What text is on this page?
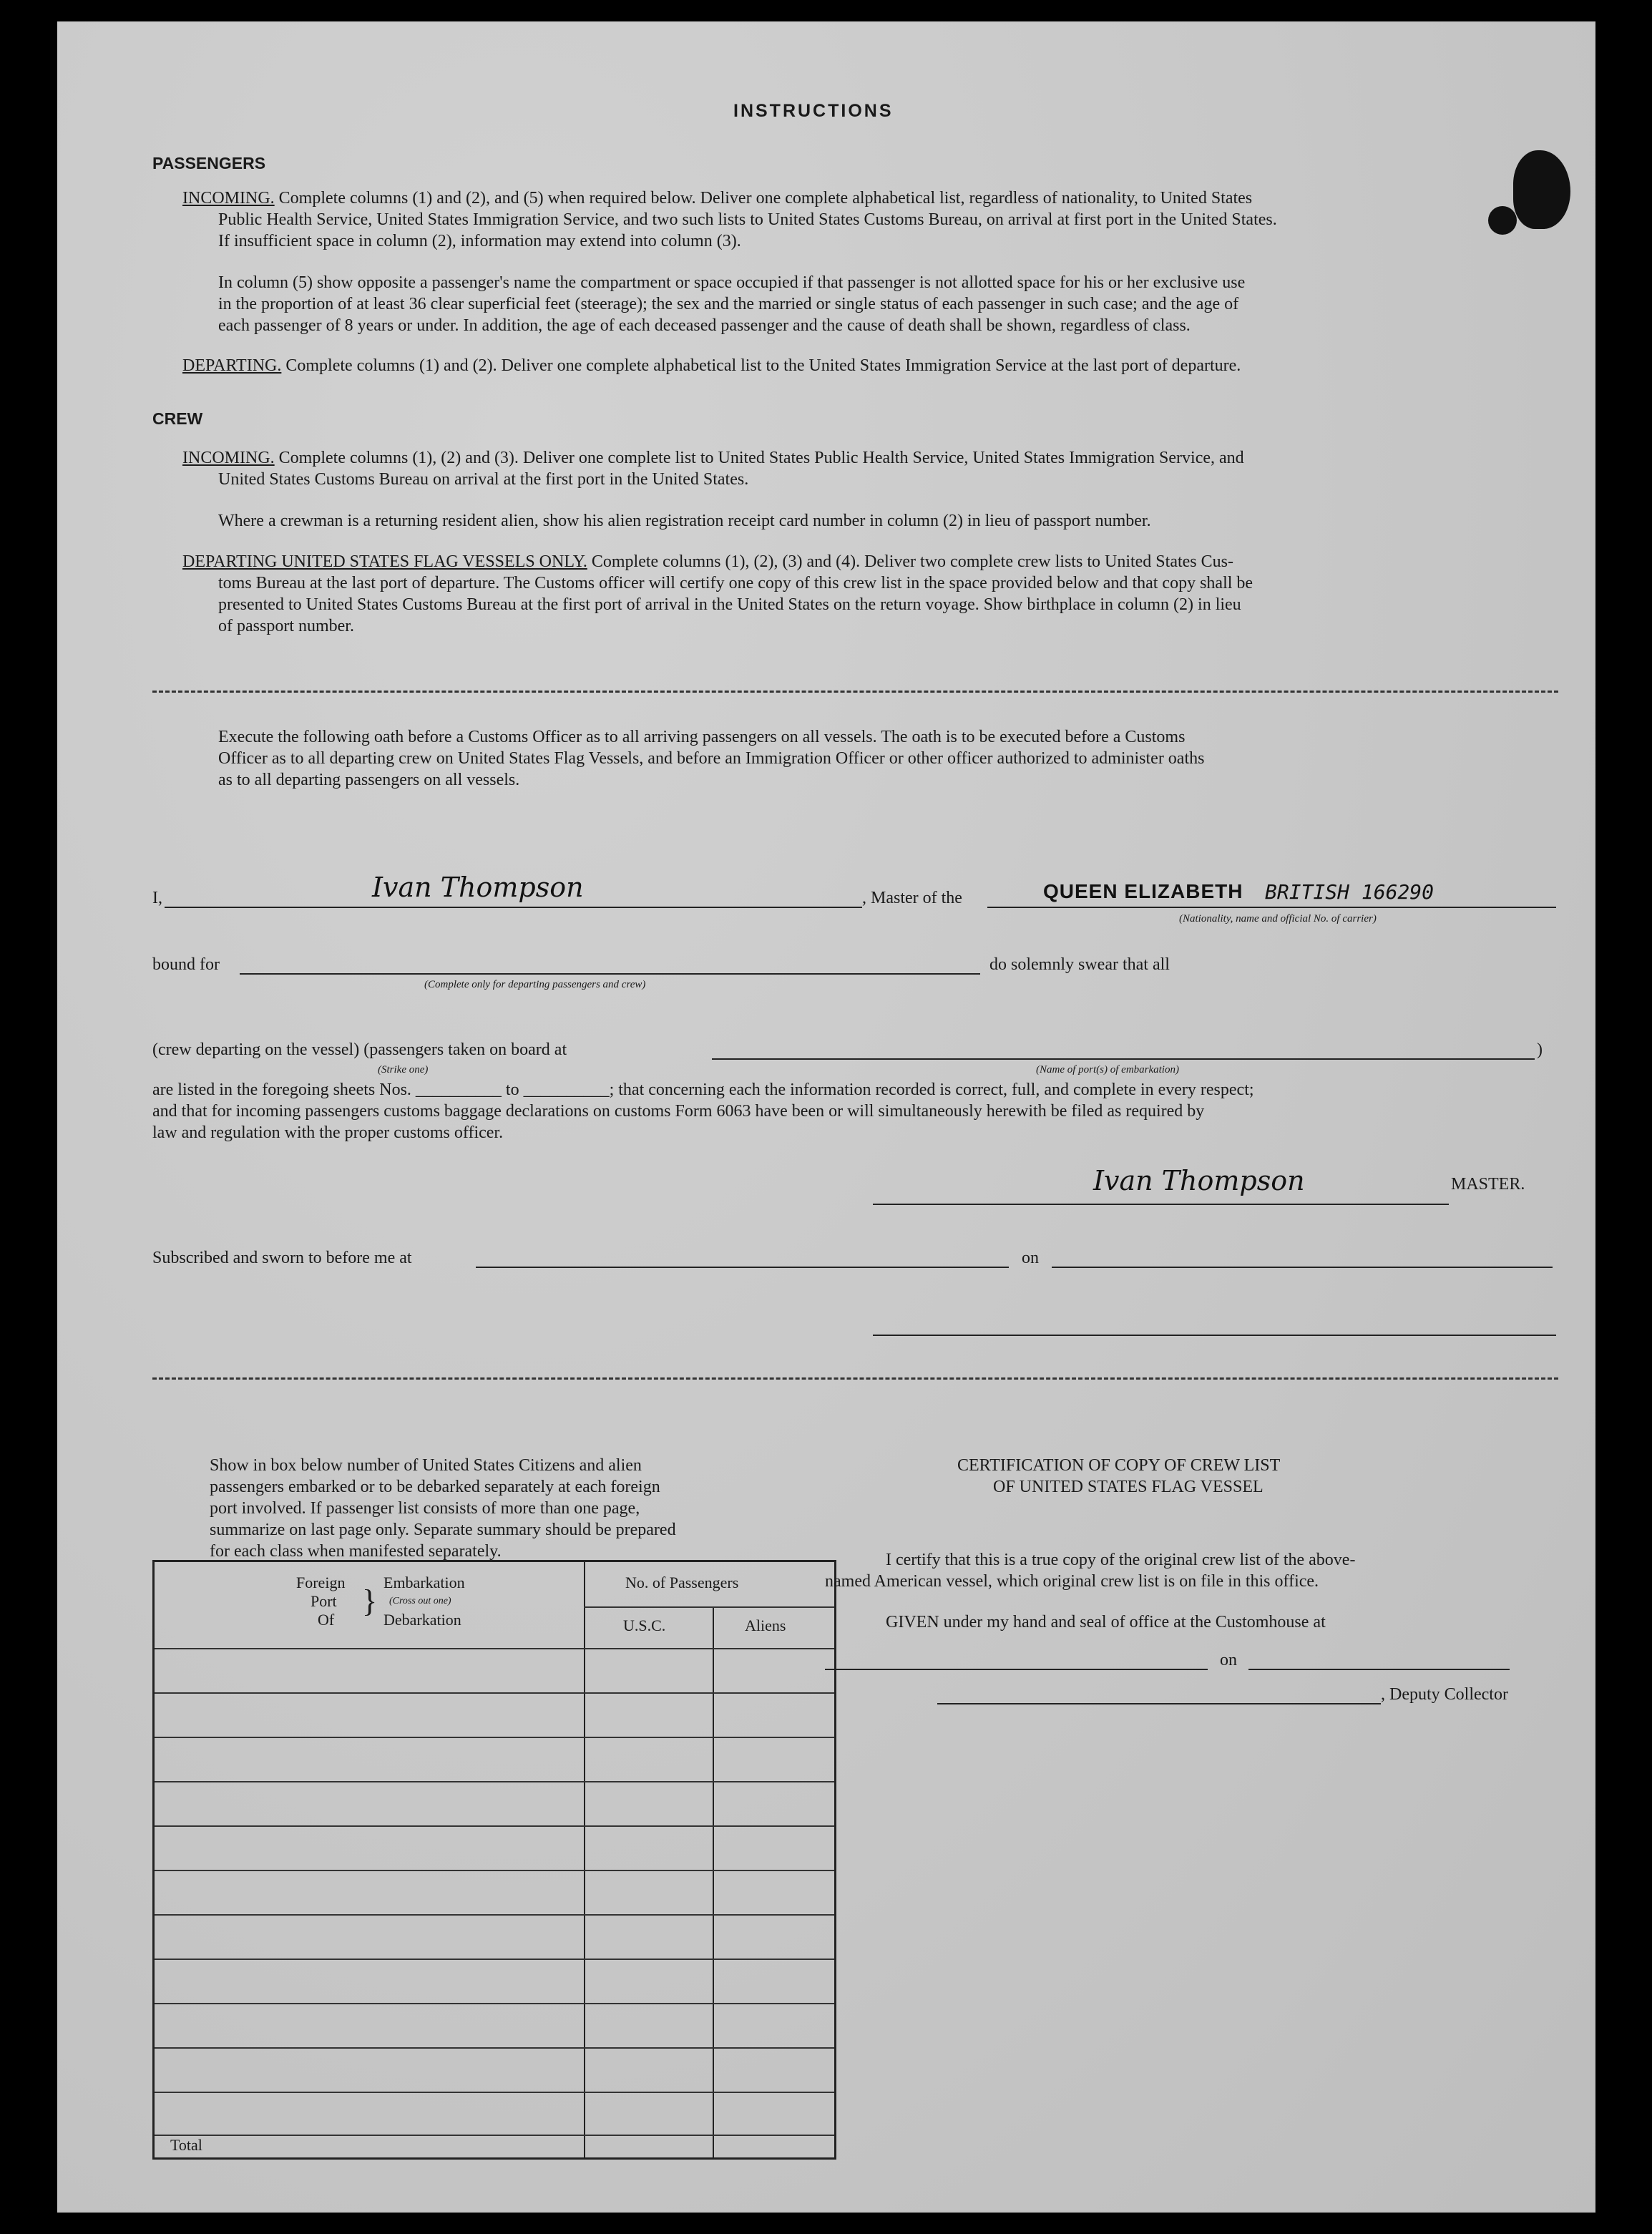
INSTRUCTIONS
PASSENGERS
INCOMING. Complete columns (1) and (2), and (5) when required below. Deliver one complete alphabetical list, regardless of nationality, to United States
Public Health Service, United States Immigration Service, and two such lists to United States Customs Bureau, on arrival at first port in the United States.
If insufficient space in column (2), information may extend into column (3).
In column (5) show opposite a passenger's name the compartment or space occupied if that passenger is not allotted space for his or her exclusive use
in the proportion of at least 36 clear superficial feet (steerage); the sex and the married or single status of each passenger in such case; and the age of
each passenger of 8 years or under. In addition, the age of each deceased passenger and the cause of death shall be shown, regardless of class.
DEPARTING. Complete columns (1) and (2). Deliver one complete alphabetical list to the United States Immigration Service at the last port of departure.
CREW
INCOMING. Complete columns (1), (2) and (3). Deliver one complete list to United States Public Health Service, United States Immigration Service, and
United States Customs Bureau on arrival at the first port in the United States.
Where a crewman is a returning resident alien, show his alien registration receipt card number in column (2) in lieu of passport number.
DEPARTING UNITED STATES FLAG VESSELS ONLY. Complete columns (1), (2), (3) and (4). Deliver two complete crew lists to United States Cus-
toms Bureau at the last port of departure. The Customs officer will certify one copy of this crew list in the space provided below and that copy shall be
presented to United States Customs Bureau at the first port of arrival in the United States on the return voyage. Show birthplace in column (2) in lieu
of passport number.
Execute the following oath before a Customs Officer as to all arriving passengers on all vessels. The oath is to be executed before a Customs
Officer as to all departing crew on United States Flag Vessels, and before an Immigration Officer or other officer authorized to administer oaths
as to all departing passengers on all vessels.
I,	Ivan Thompson	, Master of the	QUEEN ELIZABETH BRITISH 166290
(Nationality, name and official No. of carrier)
bound for	do solemnly swear that all
(Complete only for departing passengers and crew)
(crew departing on the vessel) (passengers taken on board at	)
(Strike one)	(Name of port(s) of embarkation)
are listed in the foregoing sheets Nos. __________ to __________; that concerning each the information recorded is correct, full, and complete in every respect;
and that for incoming passengers customs baggage declarations on customs Form 6063 have been or will simultaneously herewith be filed as required by
law and regulation with the proper customs officer.
Ivan Thompson	MASTER.
Subscribed and sworn to before me at	on
Show in box below number of United States Citizens and alien
passengers embarked or to be debarked separately at each foreign
port involved. If passenger list consists of more than one page,
summarize on last page only. Separate summary should be prepared
for each class when manifested separately.
Foreign
Port
Of
}
Embarkation
(Cross out one)
Debarkation
No. of Passengers
U.S.C.	Aliens
Total
CERTIFICATION OF COPY OF CREW LIST
OF UNITED STATES FLAG VESSEL
I certify that this is a true copy of the original crew list of the above-
named American vessel, which original crew list is on file in this office.
GIVEN under my hand and seal of office at the Customhouse at
on
, Deputy Collector
